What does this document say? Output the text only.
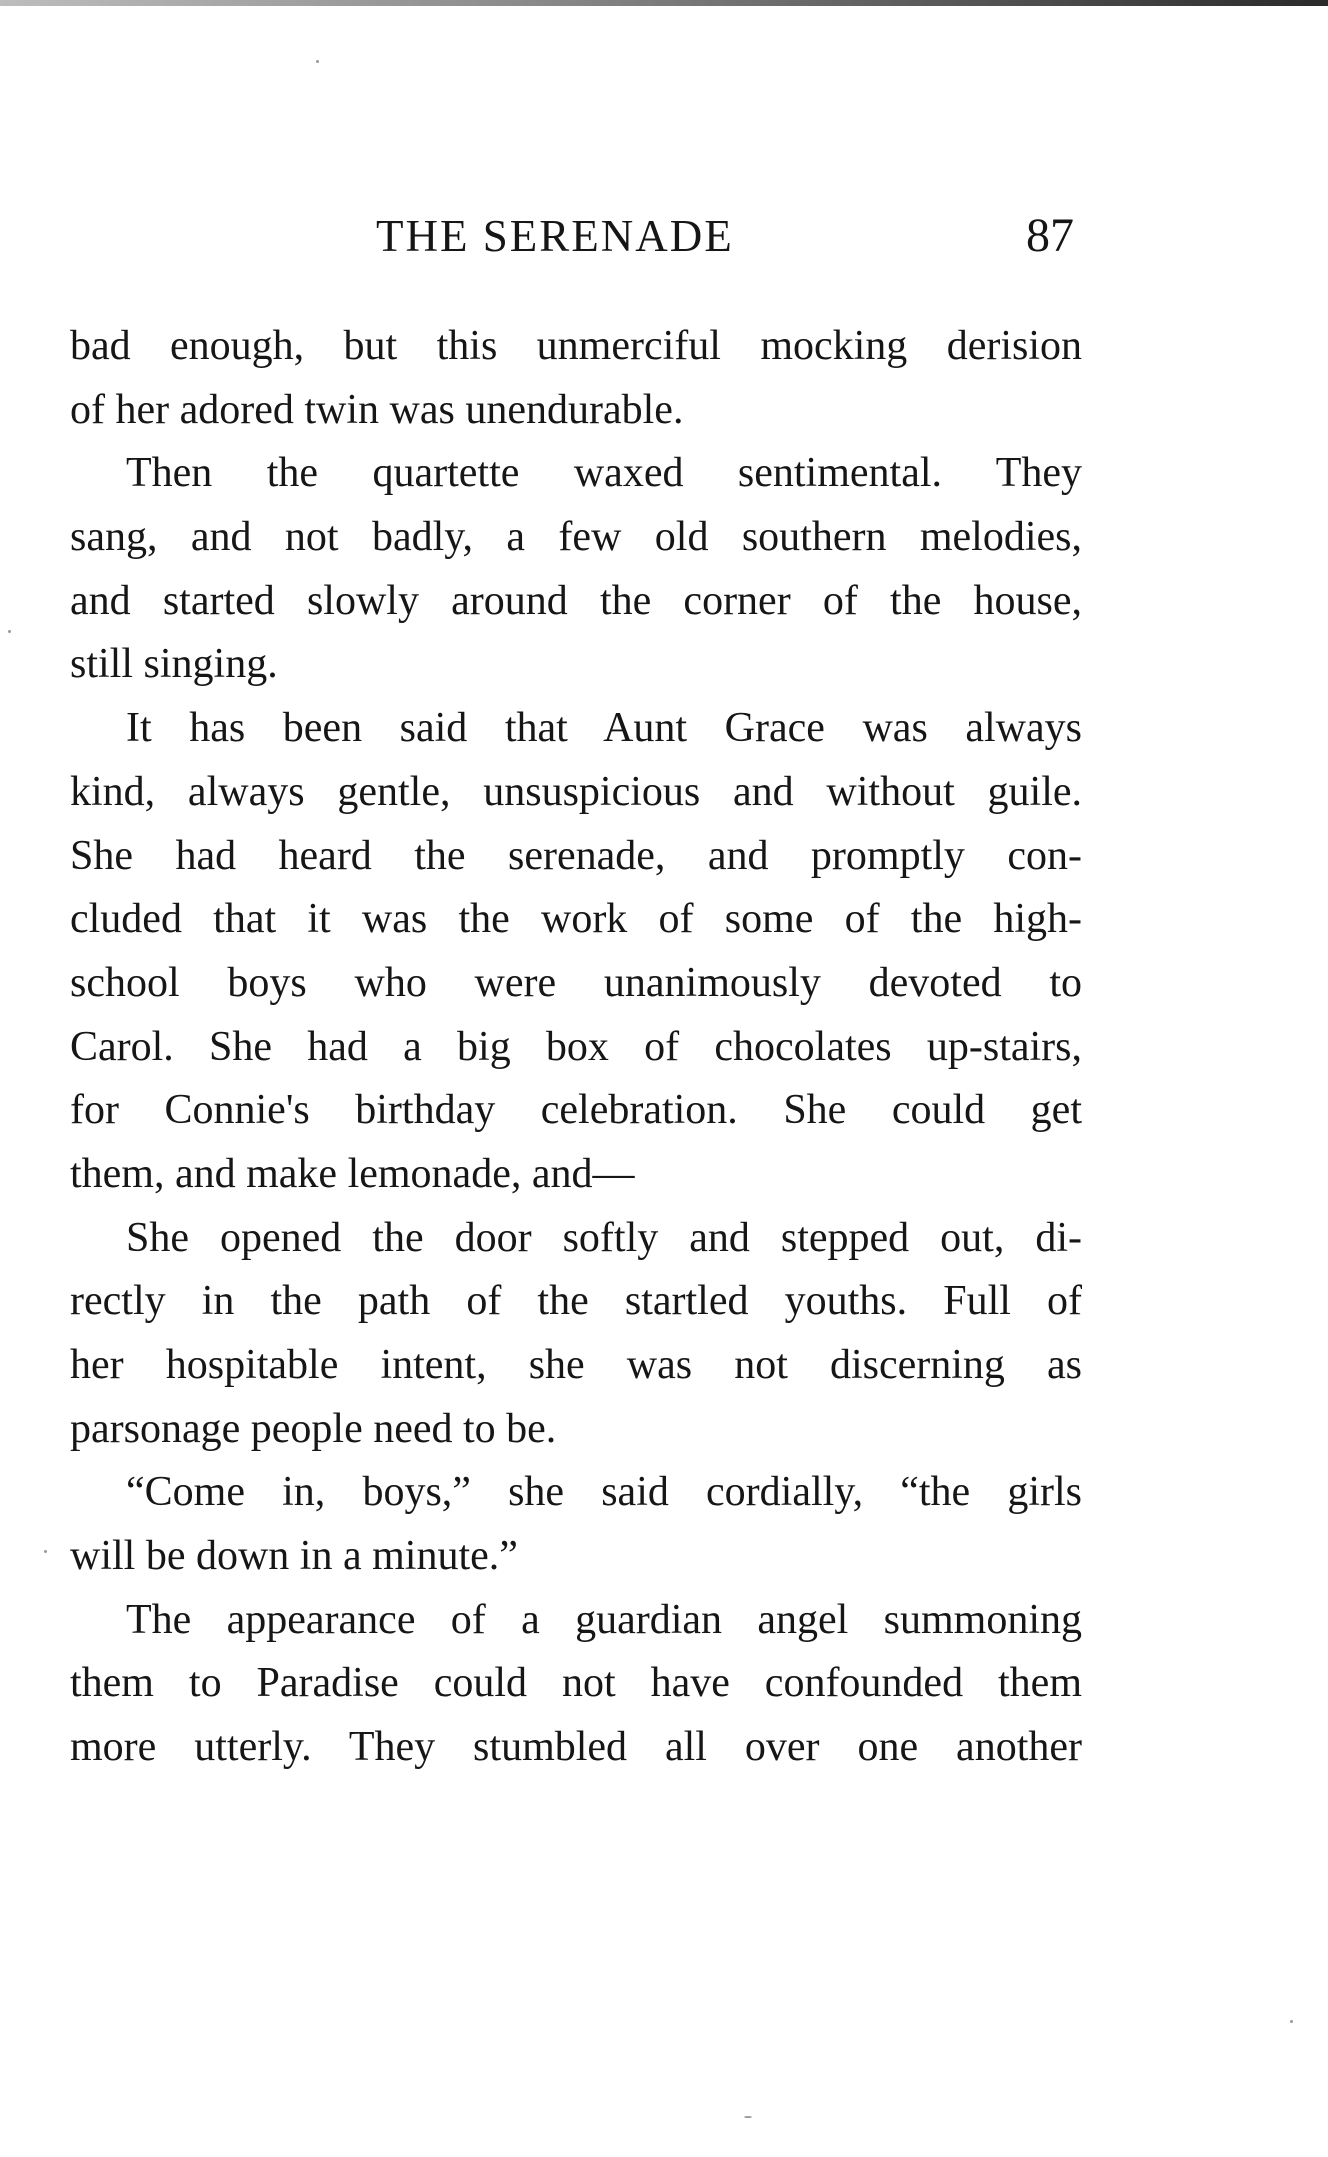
THE SERENADE	87
bad enough, but this unmerciful mocking derision
of her adored twin was unendurable.
Then the quartette waxed sentimental. They
sang, and not badly, a few old southern melodies,
and started slowly around the corner of the house,
still singing.
It has been said that Aunt Grace was always
kind, always gentle, unsuspicious and without guile.
She had heard the serenade, and promptly con-
cluded that it was the work of some of the high-
school boys who were unanimously devoted to
Carol. She had a big box of chocolates up-stairs,
for Connie's birthday celebration. She could get
them, and make lemonade, and—
She opened the door softly and stepped out, di-
rectly in the path of the startled youths. Full of
her hospitable intent, she was not discerning as
parsonage people need to be.
“Come in, boys,” she said cordially, “the girls
will be down in a minute.”
The appearance of a guardian angel summoning
them to Paradise could not have confounded them
more utterly. They stumbled all over one another
